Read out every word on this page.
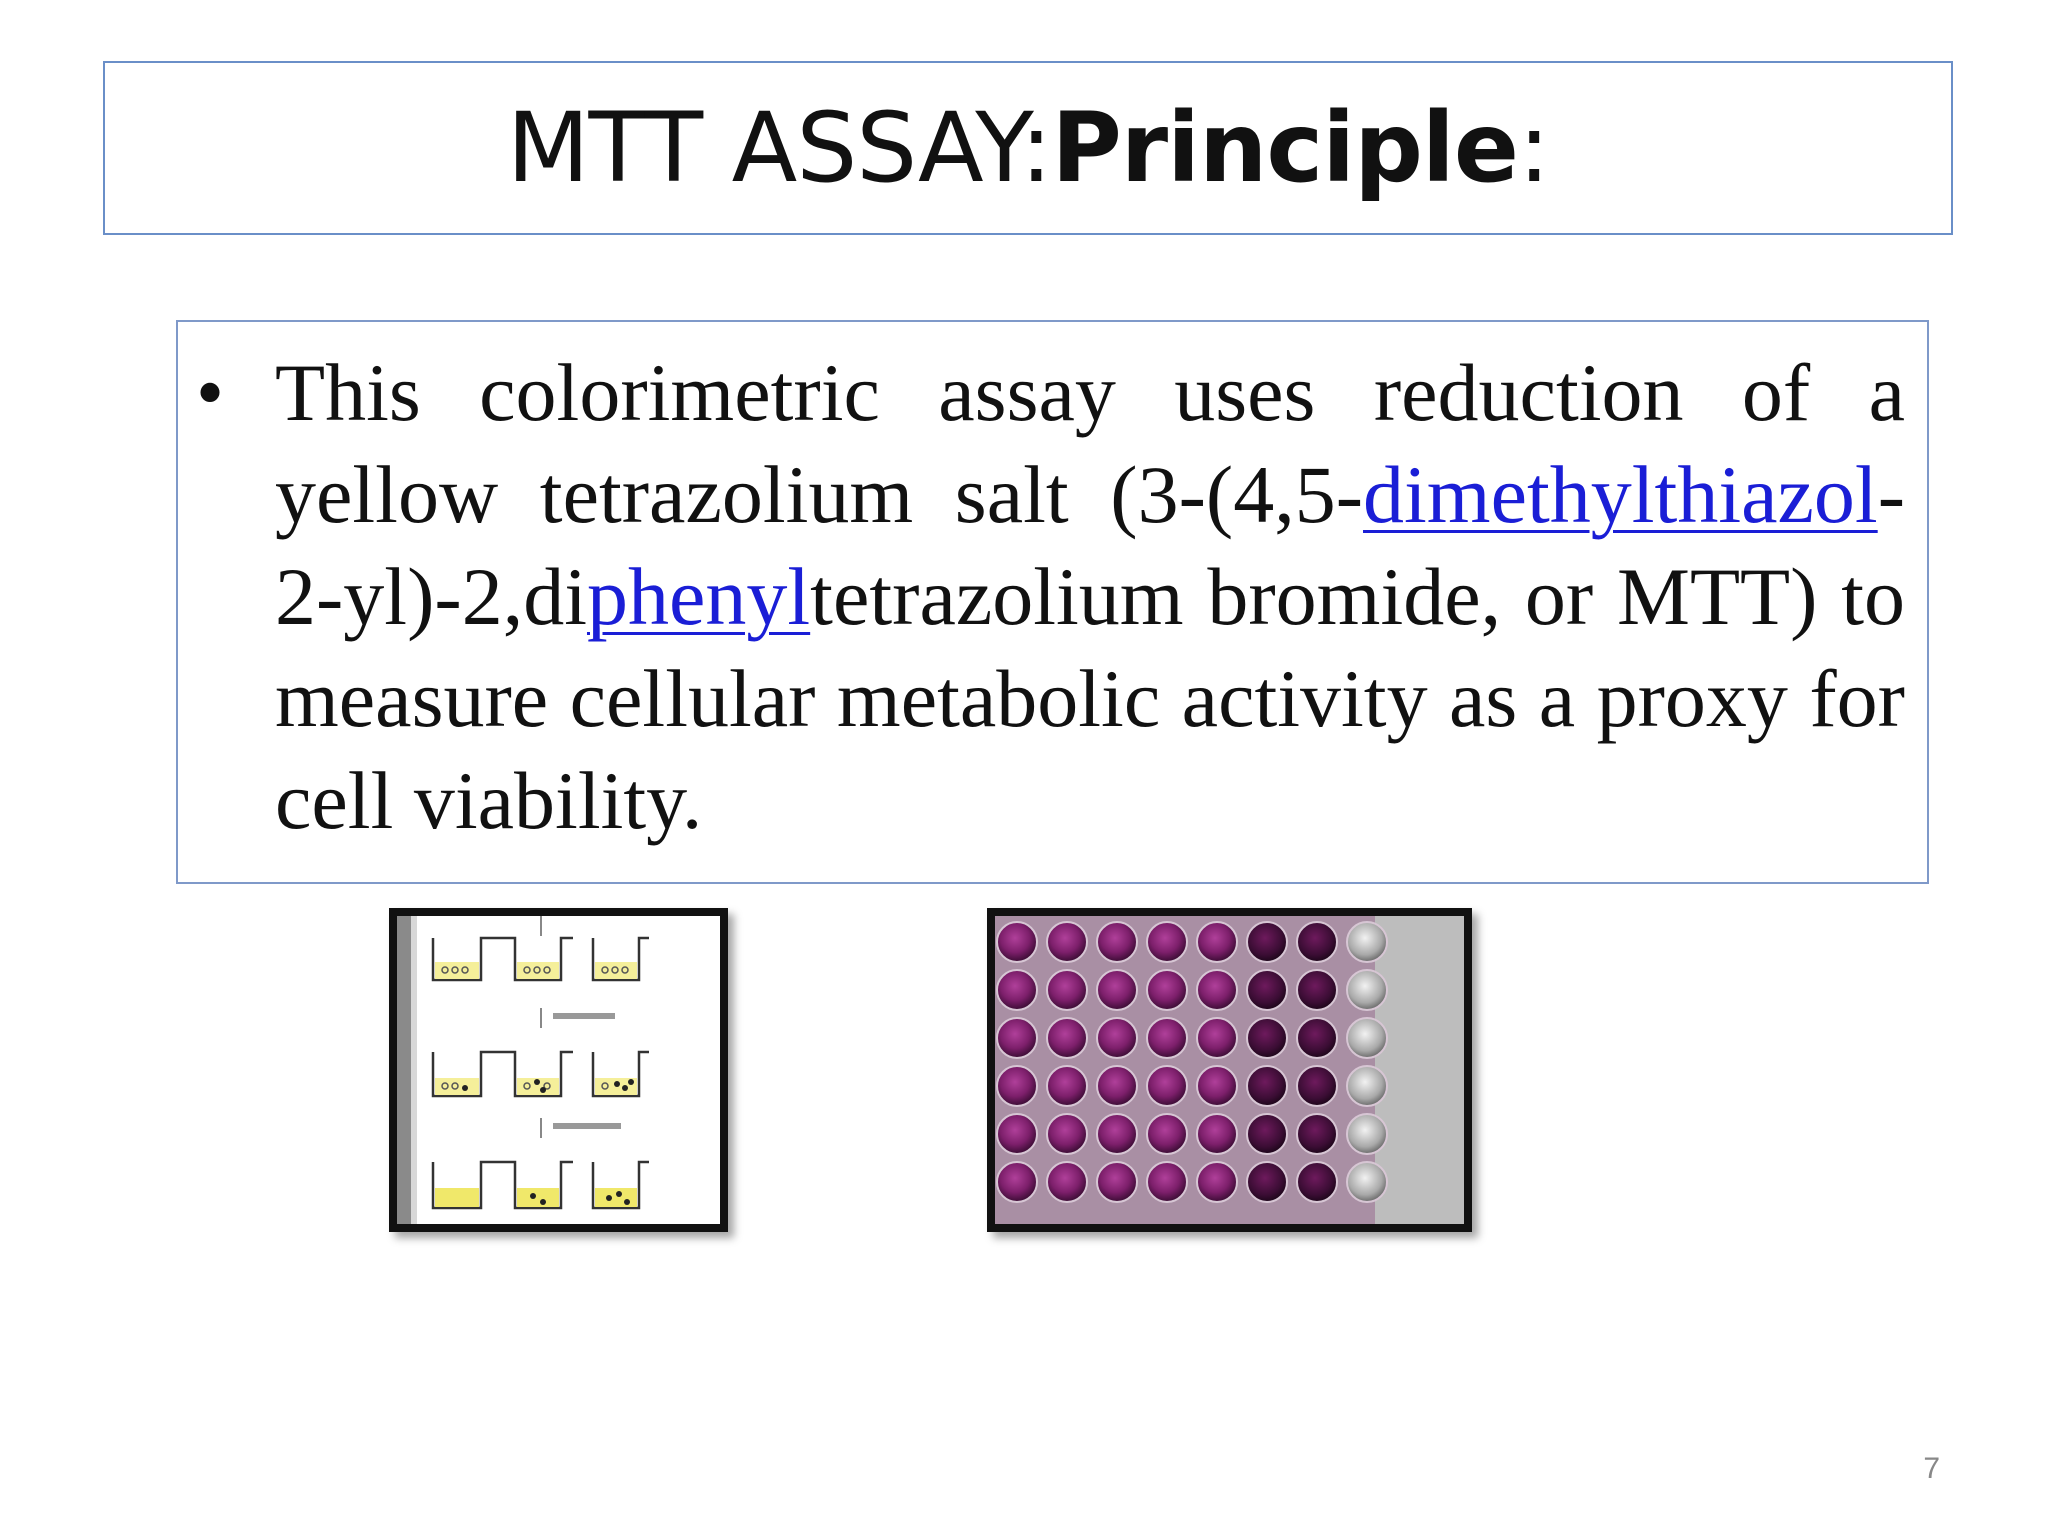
MTT ASSAY:Principle:
• This colorimetric assay uses reduction of a yellow tetrazolium salt (3-(4,5-dimethylthiazol-2-yl)-2,diphenyltetrazolium bromide, or MTT) to measure cellular metabolic activity as a proxy for cell viability.

7
